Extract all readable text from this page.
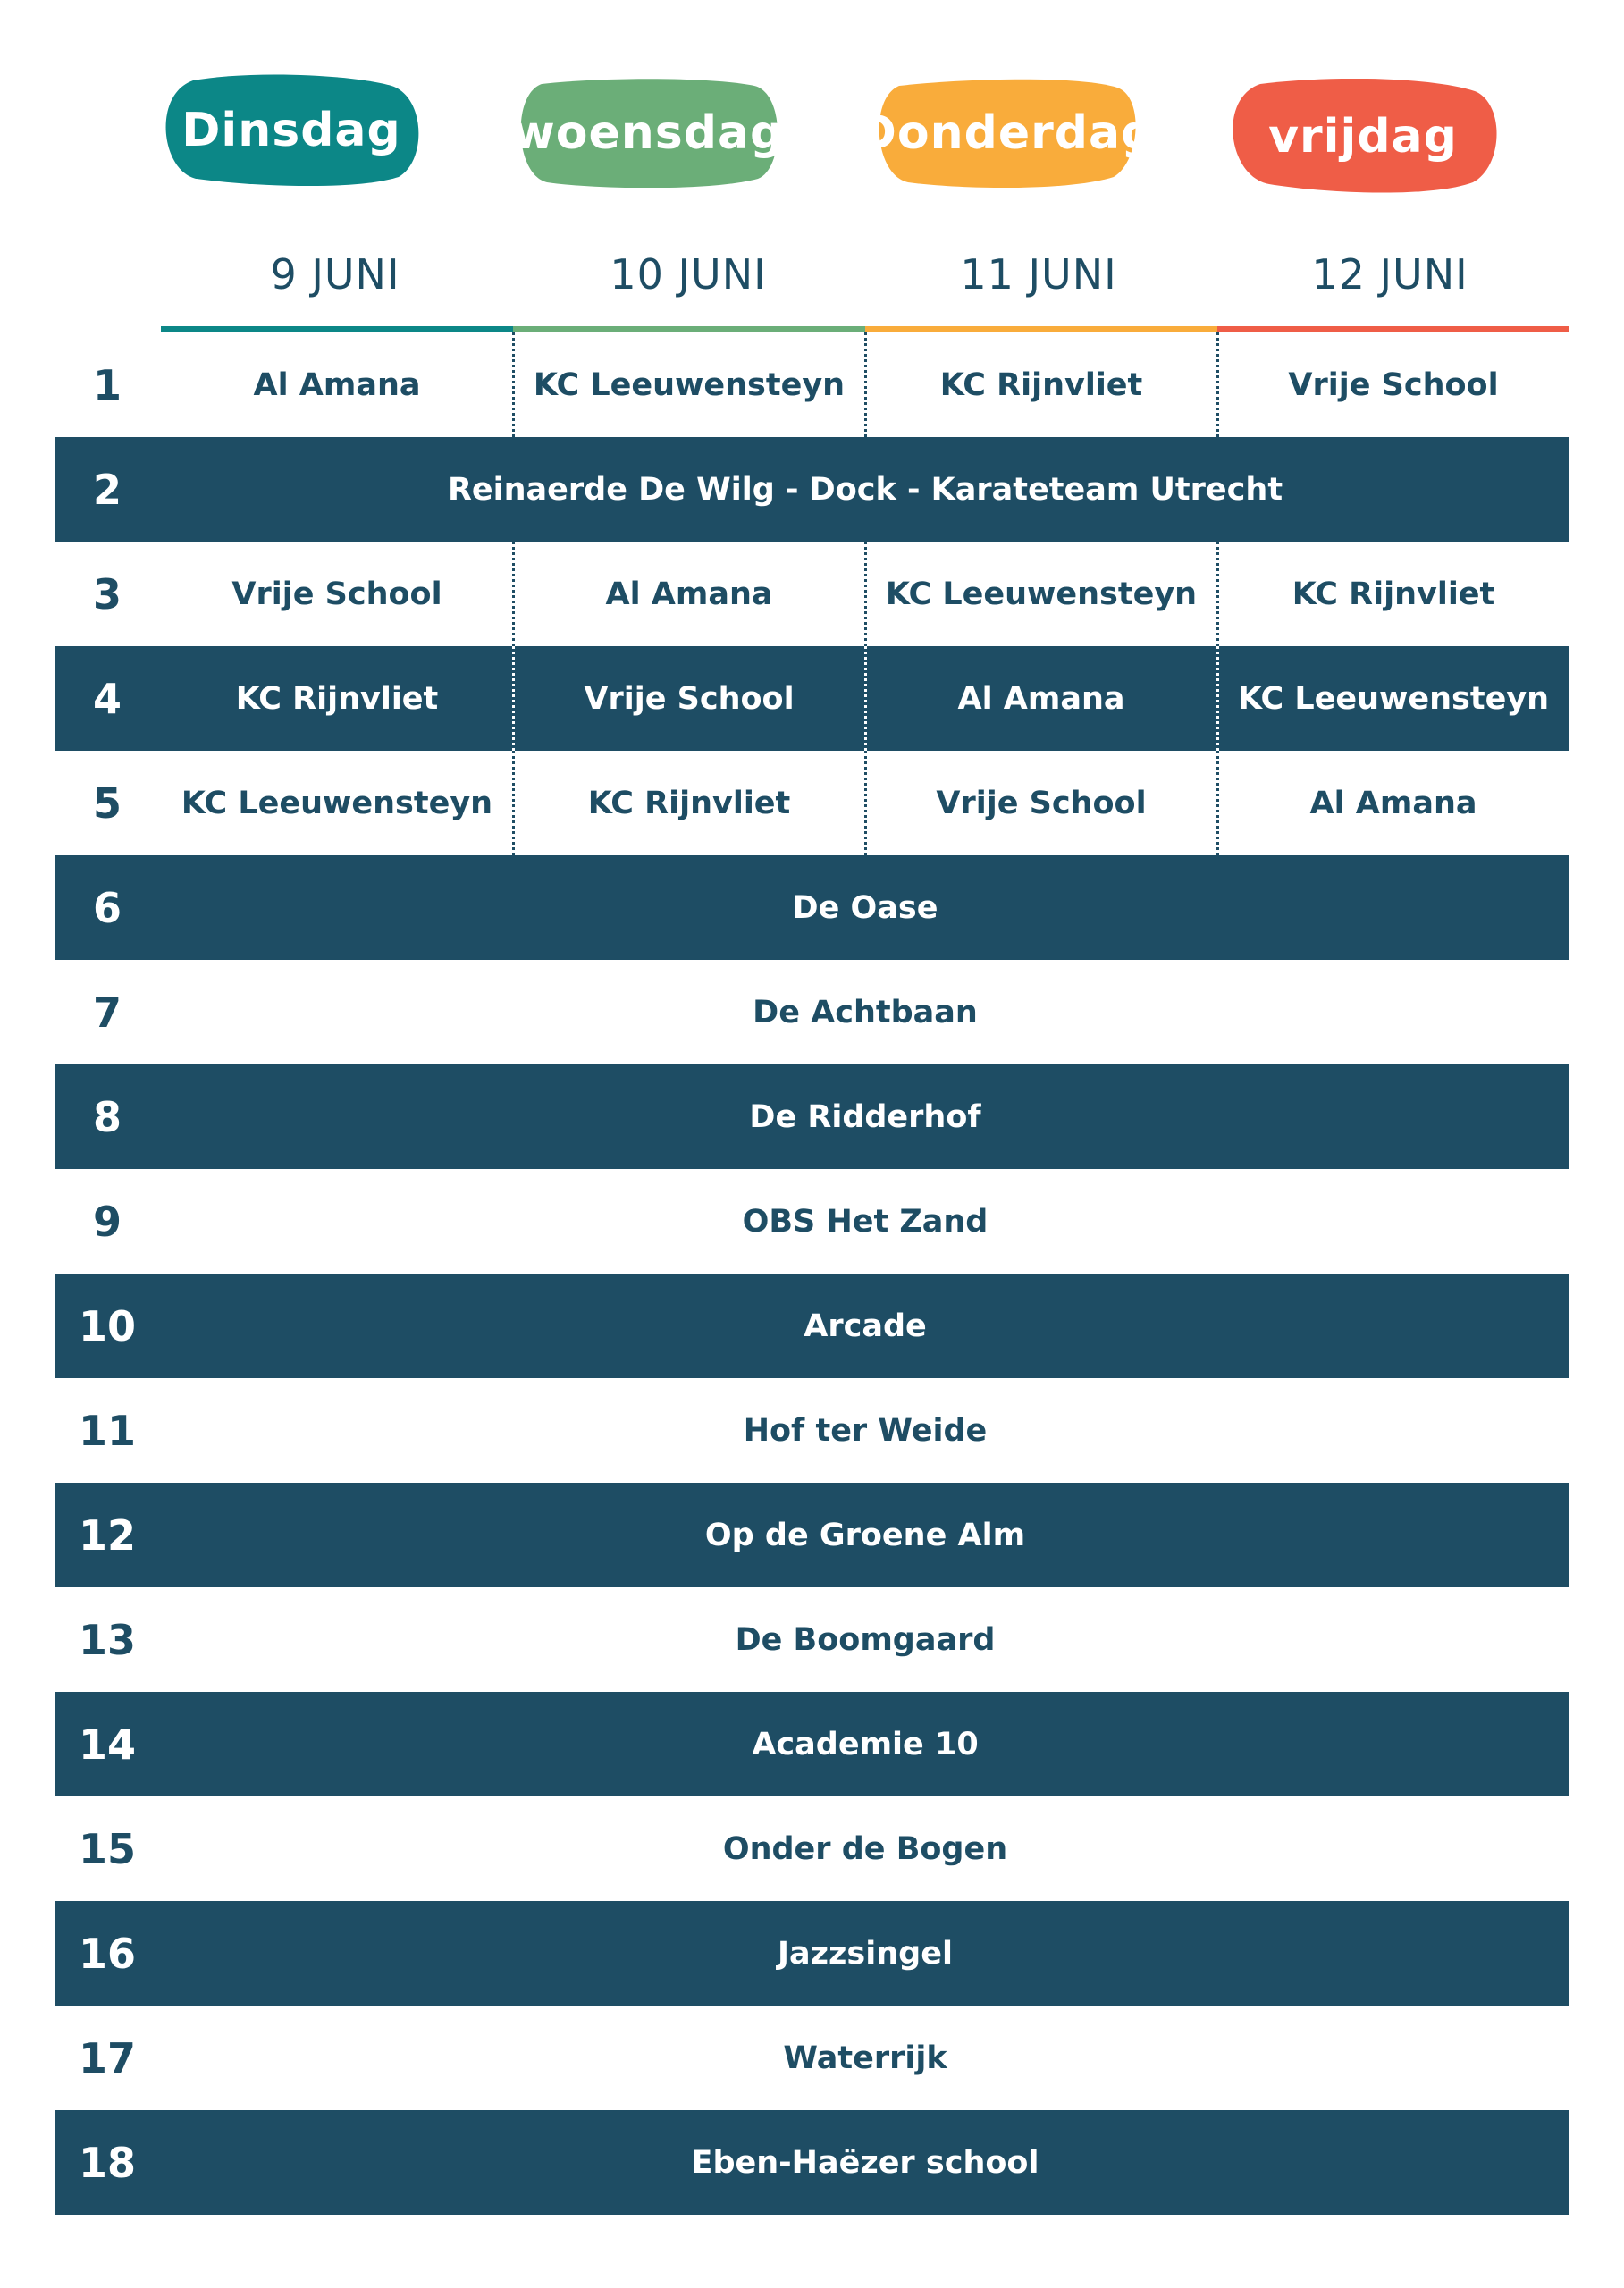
Dinsdag
9 JUNI
woensdag
10 JUNI
Donderdag
11 JUNI
vrijdag
12 JUNI
1	Al Amana	KC Leeuwensteyn	KC Rijnvliet	Vrije School
2	Reinaerde De Wilg - Dock - Karateteam Utrecht
3	Vrije School	Al Amana	KC Leeuwensteyn	KC Rijnvliet
4	KC Rijnvliet	Vrije School	Al Amana	KC Leeuwensteyn
5	KC Leeuwensteyn	KC Rijnvliet	Vrije School	Al Amana
6	De Oase
7	De Achtbaan
8	De Ridderhof
9	OBS Het Zand
10	Arcade
11	Hof ter Weide
12	Op de Groene Alm
13	De Boomgaard
14	Academie 10
15	Onder de Bogen
16	Jazzsingel
17	Waterrijk
18	Eben-Haëzer school
